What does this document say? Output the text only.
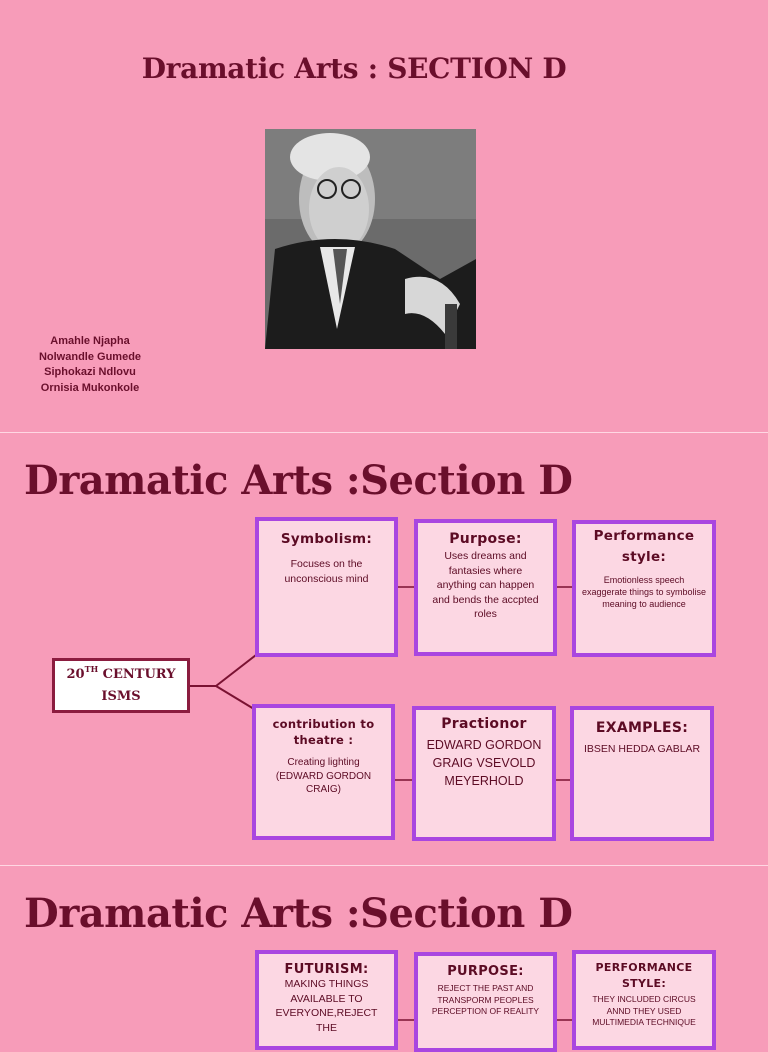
Dramatic Arts : SECTION D
Amahle Njapha
Nolwandle Gumede
Siphokazi Ndlovu
Ornisia Mukonkole
Dramatic Arts :Section D
20TH CENTURY
ISMS
Symbolism:
Focuses on the unconscious mind
Purpose:
Uses dreams and fantasies where anything can happen and bends the accpted roles
Performance style:
Emotionless speech exaggerate things to symbolise meaning to audience
contribution to theatre :
Creating lighting (EDWARD GORDON CRAIG)
Practionor
EDWARD GORDON GRAIG VSEVOLD MEYERHOLD
EXAMPLES:
IBSEN HEDDA GABLAR
Dramatic Arts :Section D
FUTURISM:
MAKING THINGS AVAILABLE TO EVERYONE,REJECT THE
PURPOSE:
REJECT THE PAST AND TRANSPORM PEOPLES PERCEPTION OF REALITY
PERFORMANCE STYLE:
THEY INCLUDED CIRCUS ANND THEY USED MULTIMEDIA TECHNIQUE
